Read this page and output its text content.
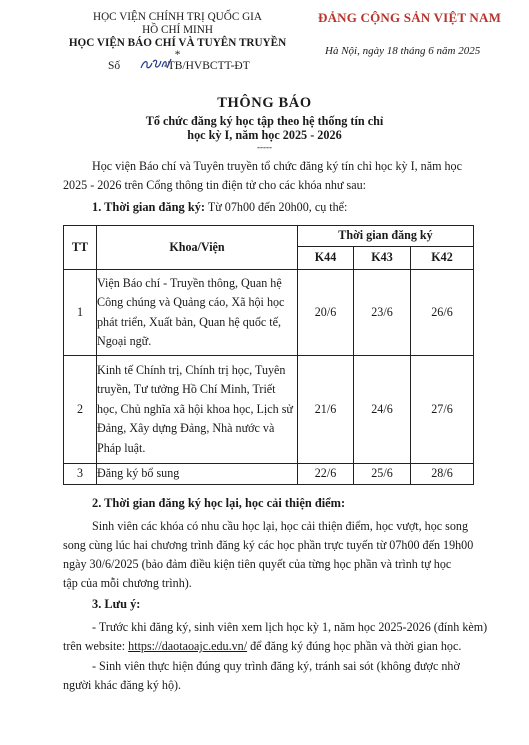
HỌC VIỆN CHÍNH TRỊ QUỐC GIA
HỒ CHÍ MINH
HỌC VIỆN BÁO CHÍ VÀ TUYÊN TRUYỀN
*
Số	-TB/HVBCTT-ĐT
ĐẢNG CỘNG SẢN VIỆT NAM
Hà Nội, ngày 18 tháng 6 năm 2025
THÔNG BÁO
Tổ chức đăng ký học tập theo hệ thống tín chỉ
học kỳ I, năm học 2025 - 2026
-----
Học viện Báo chí và Tuyên truyền tổ chức đăng ký tín chỉ học kỳ I, năm học
2025 - 2026 trên Cổng thông tin điện tử cho các khóa như sau:
1. Thời gian đăng ký: Từ 07h00 đến 20h00, cụ thể:
TT	Khoa/Viện	Thời gian đăng ký		
		K44	K43	K42
1	Viện Báo chí - Truyền thông, Quan hệ Công chúng và Quảng cáo, Xã hội học phát triển, Xuất bản, Quan hệ quốc tế, Ngoại ngữ.	20/6	23/6	26/6
2	Kinh tế Chính trị, Chính trị học, Tuyên truyền, Tư tưởng Hồ Chí Minh, Triết học, Chủ nghĩa xã hội khoa học, Lịch sử Đảng, Xây dựng Đảng, Nhà nước và Pháp luật.	21/6	24/6	27/6
3	Đăng ký bổ sung	22/6	25/6	28/6
2. Thời gian đăng ký học lại, học cải thiện điểm:
Sinh viên các khóa có nhu cầu học lại, học cải thiện điểm, học vượt, học song
song cùng lúc hai chương trình đăng ký các học phần trực tuyến từ 07h00 đến 19h00
ngày 30/6/2025 (bảo đảm điều kiện tiên quyết của từng học phần và trình tự học
tập của mỗi chương trình).
3. Lưu ý:
- Trước khi đăng ký, sinh viên xem lịch học kỳ 1, năm học 2025-2026 (đính kèm)
trên website: https://daotaoajc.edu.vn/ để đăng ký đúng học phần và thời gian học.
- Sinh viên thực hiện đúng quy trình đăng ký, tránh sai sót (không được nhờ
người khác đăng ký hộ).
